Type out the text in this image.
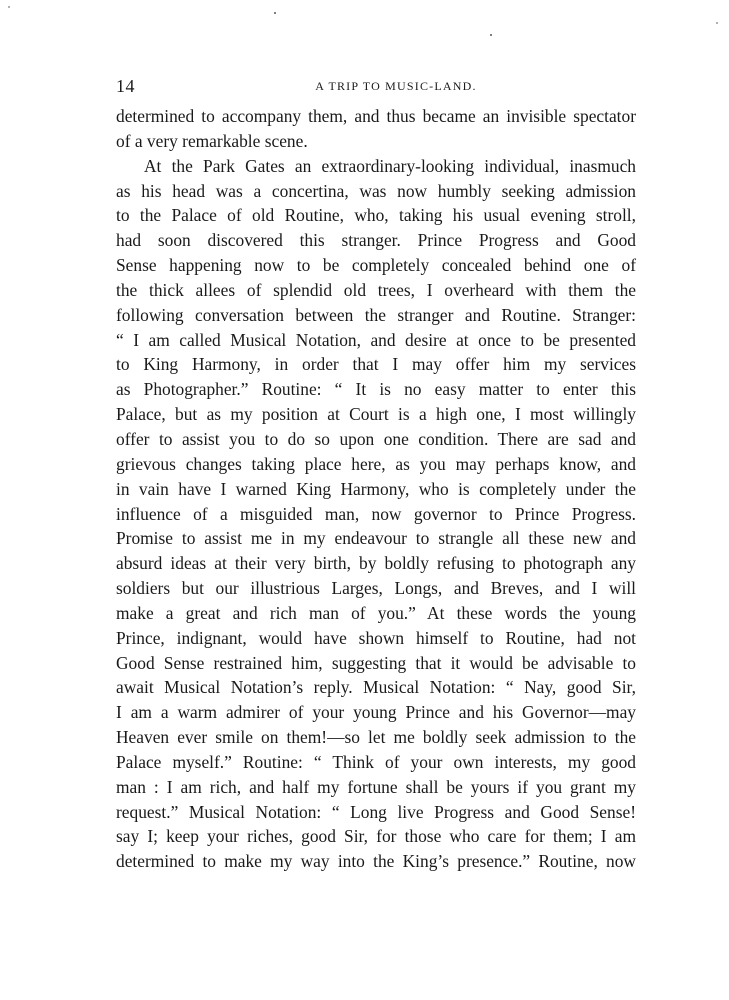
14	A TRIP TO MUSIC-LAND.
determined to accompany them, and thus became an invisible spectator
of a very remarkable scene.
At the Park Gates an extraordinary-looking individual, inasmuch
as his head was a concertina, was now humbly seeking admission
to the Palace of old Routine, who, taking his usual evening stroll,
had soon discovered this stranger. Prince Progress and Good
Sense happening now to be completely concealed behind one of
the thick allees of splendid old trees, I overheard with them the
following conversation between the stranger and Routine. Stranger:
“ I am called Musical Notation, and desire at once to be presented
to King Harmony, in order that I may offer him my services
as Photographer.” Routine: “ It is no easy matter to enter this
Palace, but as my position at Court is a high one, I most willingly
offer to assist you to do so upon one condition. There are sad and
grievous changes taking place here, as you may perhaps know, and
in vain have I warned King Harmony, who is completely under the
influence of a misguided man, now governor to Prince Progress.
Promise to assist me in my endeavour to strangle all these new and
absurd ideas at their very birth, by boldly refusing to photograph any
soldiers but our illustrious Larges, Longs, and Breves, and I will
make a great and rich man of you.” At these words the young
Prince, indignant, would have shown himself to Routine, had not
Good Sense restrained him, suggesting that it would be advisable to
await Musical Notation’s reply. Musical Notation: “ Nay, good Sir,
I am a warm admirer of your young Prince and his Governor—may
Heaven ever smile on them!—so let me boldly seek admission to the
Palace myself.” Routine: “ Think of your own interests, my good
man : I am rich, and half my fortune shall be yours if you grant my
request.” Musical Notation: “ Long live Progress and Good Sense!
say I; keep your riches, good Sir, for those who care for them; I am
determined to make my way into the King’s presence.” Routine, now
